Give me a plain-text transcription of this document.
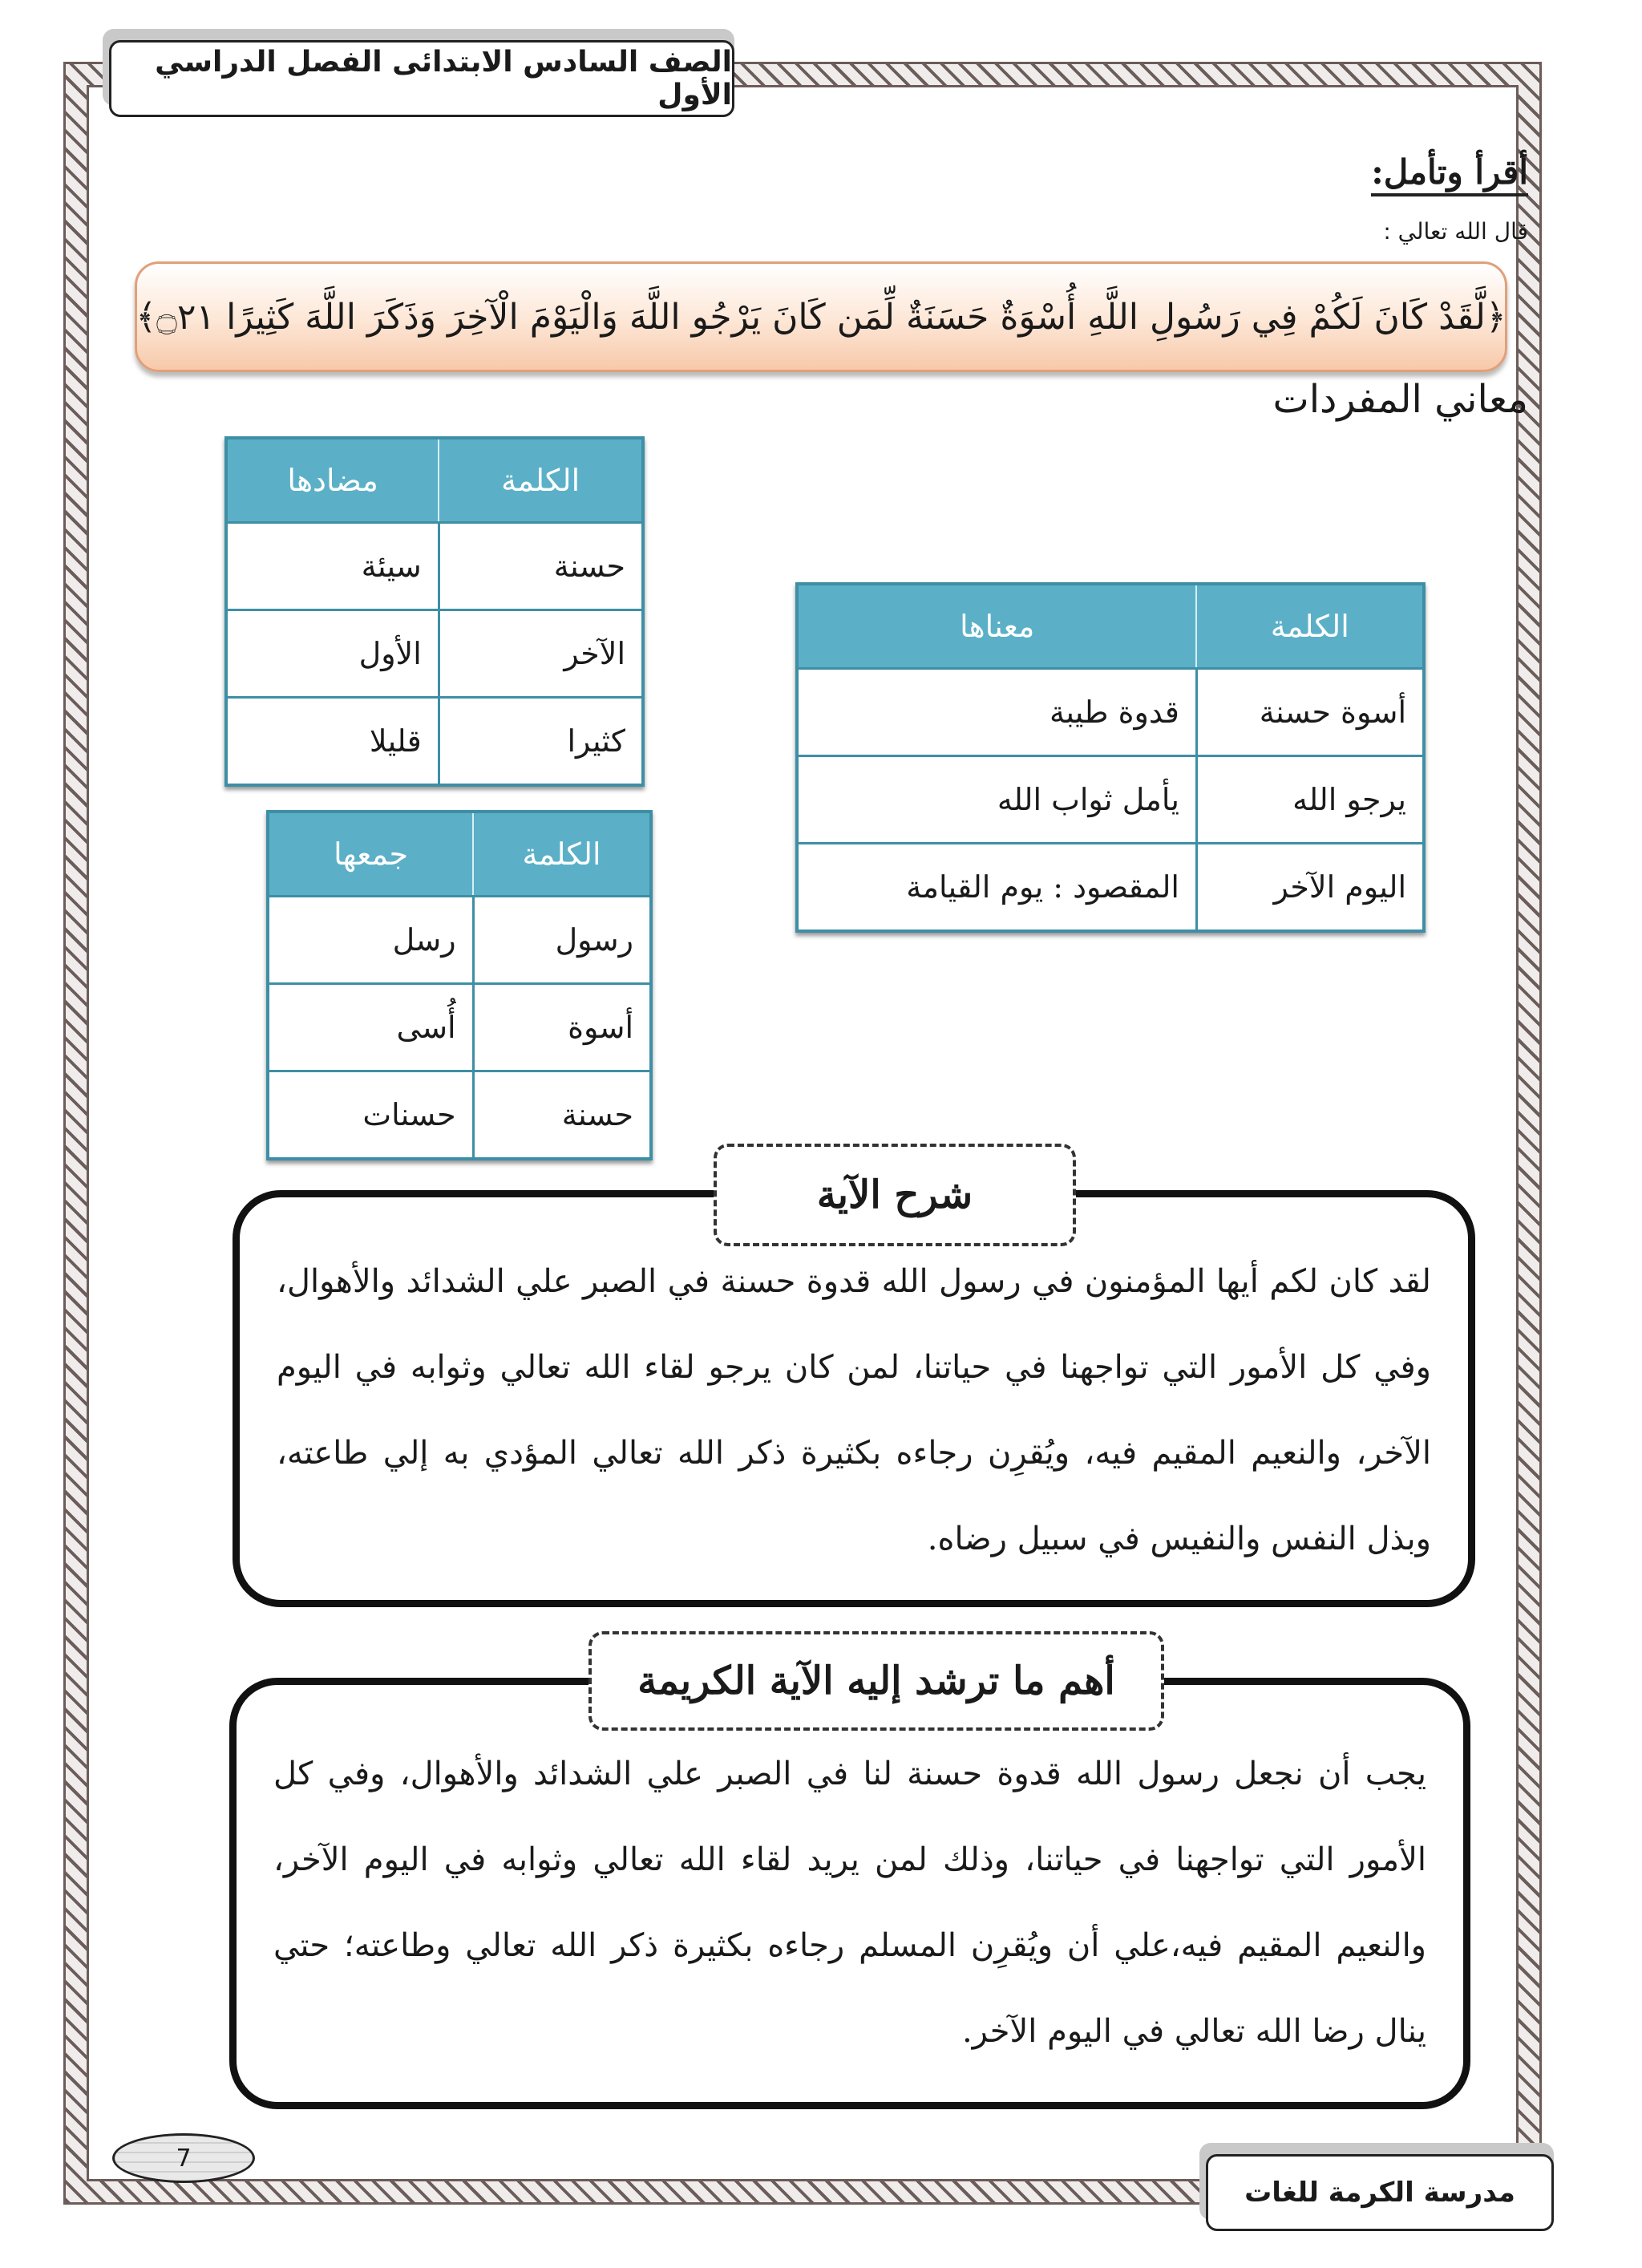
الصف السادس الابتدائى الفصل الدراسي الأول
أقرأ وتأمل:
قال الله تعالي :
﴿لَّقَدْ كَانَ لَكُمْ فِي رَسُولِ اللَّهِ أُسْوَةٌ حَسَنَةٌ لِّمَن كَانَ يَرْجُو اللَّهَ وَالْيَوْمَ الْآخِرَ وَذَكَرَ اللَّهَ كَثِيرًا ۝٢١﴾
معاني المفردات
الكلمة	مضادها
حسنة	سيئة
الآخر	الأول
كثيرا	قليلا
الكلمة	معناها
أسوة حسنة	قدوة طيبة
يرجو الله	يأمل ثواب الله
اليوم الآخر	المقصود : يوم القيامة
الكلمة	جمعها
رسول	رسل
أسوة	أُسى
حسنة	حسنات

لقد كان لكم أيها المؤمنون في رسول الله قدوة حسنة في الصبر علي الشدائد والأهوال، وفي كل الأمور التي تواجهنا في حياتنا، لمن كان يرجو لقاء الله تعالي وثوابه في اليوم الآخر، والنعيم المقيم فيه، ويُقرِن رجاءه بكثيرة ذكر الله تعالي المؤدي به إلي طاعته، وبذل النفس والنفيس في سبيل رضاه.

شرح الآية

يجب أن نجعل رسول الله قدوة حسنة لنا في الصبر علي الشدائد والأهوال، وفي كل الأمور التي تواجهنا في حياتنا، وذلك لمن يريد لقاء الله تعالي وثوابه في اليوم الآخر، والنعيم المقيم فيه،علي أن ويُقرِن المسلم رجاءه بكثيرة ذكر الله تعالي وطاعته؛ حتي ينال رضا الله تعالي في اليوم الآخر.

أهم ما ترشد إليه الآية الكريمة
7
مدرسة الكرمة للغات
